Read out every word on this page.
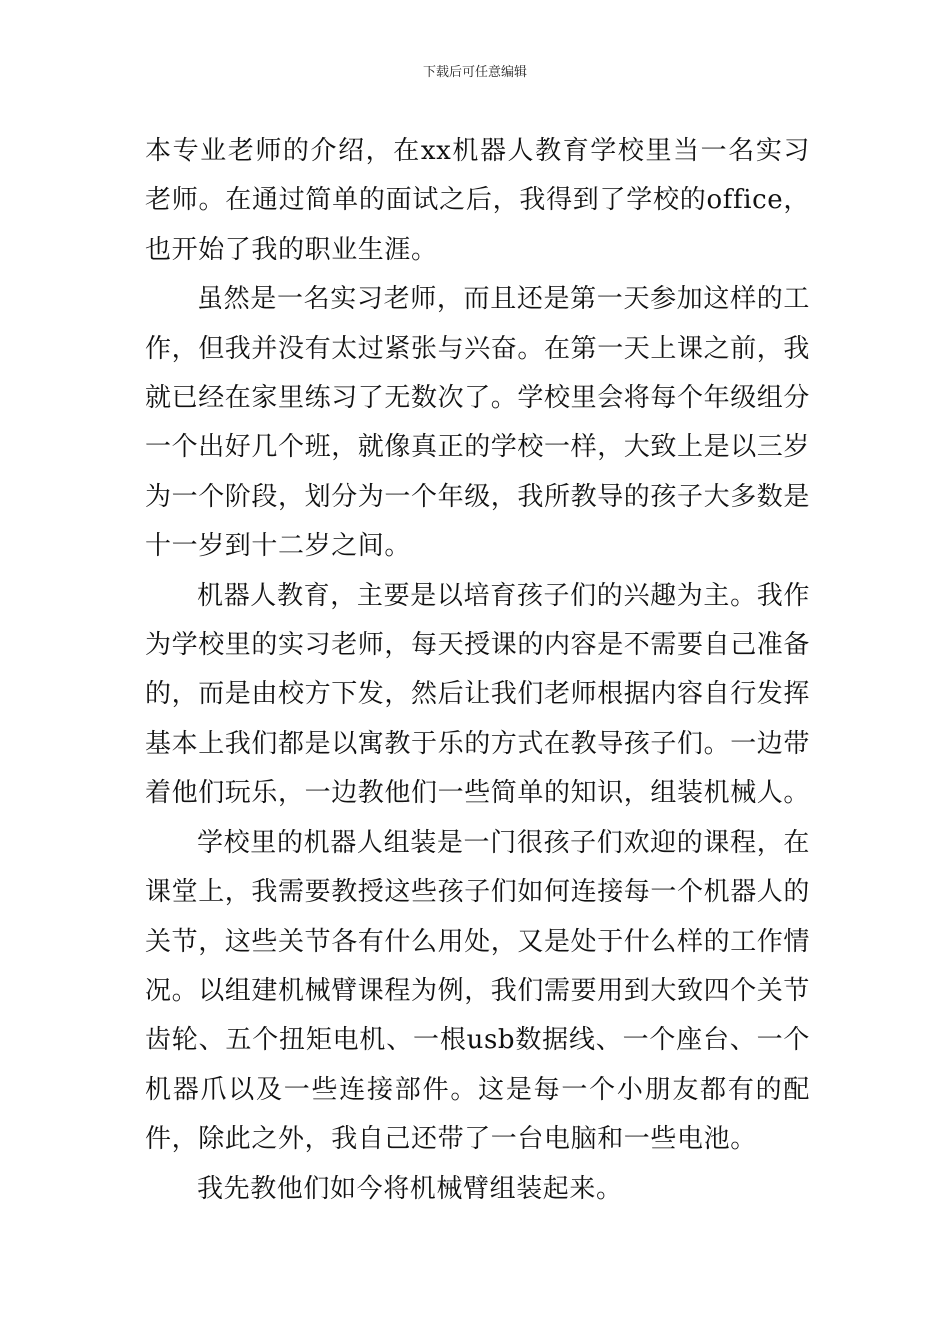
下载后可任意编辑

本专业老师的介绍，在xx机器人教育学校里当一名实习老师。在通过简单的面试之后，我得到了学校的office，也开始了我的职业生涯。

虽然是一名实习老师，而且还是第一天参加这样的工作，但我并没有太过紧张与兴奋。在第一天上课之前，我就已经在家里练习了无数次了。学校里会将每个年级组分一个出好几个班，就像真正的学校一样，大致上是以三岁为一个阶段，划分为一个年级，我所教导的孩子大多数是十一岁到十二岁之间。

机器人教育，主要是以培育孩子们的兴趣为主。我作为学校里的实习老师，每天授课的内容是不需要自己准备的，而是由校方下发，然后让我们老师根据内容自行发挥基本上我们都是以寓教于乐的方式在教导孩子们。一边带着他们玩乐，一边教他们一些简单的知识，组装机械人。

学校里的机器人组装是一门很孩子们欢迎的课程，在课堂上，我需要教授这些孩子们如何连接每一个机器人的关节，这些关节各有什么用处，又是处于什么样的工作情况。以组建机械臂课程为例，我们需要用到大致四个关节齿轮、五个扭矩电机、一根usb数据线、一个座台、一个机器爪以及一些连接部件。这是每一个小朋友都有的配件，除此之外，我自己还带了一台电脑和一些电池。

我先教他们如今将机械臂组装起来。
